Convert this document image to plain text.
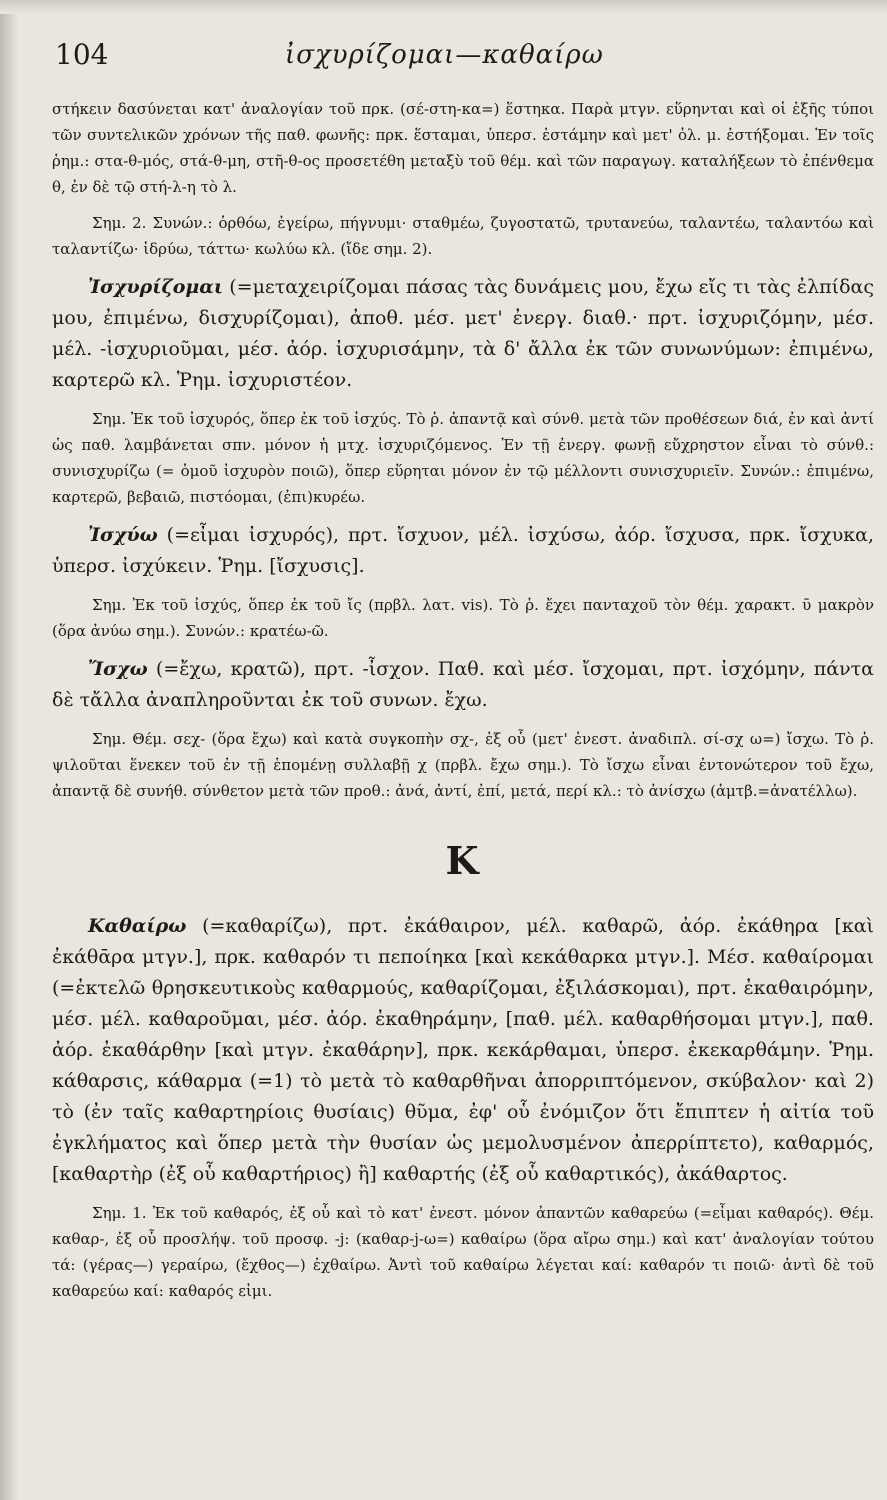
104	ἰσχυρίζομαι—καθαίρω

στήκειν δασύνεται κατ' ἀναλογίαν τοῦ πρκ. (σέ-στη-κα=) ἕστηκα. Παρὰ μτγν. εὕρηνται καὶ οἱ ἑξῆς τύποι τῶν συντελικῶν χρόνων τῆς παθ. φωνῆς: πρκ. ἕσταμαι, ὑπερσ. ἑστάμην καὶ μετ' ὀλ. μ. ἑστήξομαι. Ἐν τοῖς ῥημ.: στα-θ-μός, στά-θ-μη, στῆ-θ-ος προσετέθη μεταξὺ τοῦ θέμ. καὶ τῶν παραγωγ. καταλήξεων τὸ ἐπένθεμα θ, ἐν δὲ τῷ στή-λ-η τὸ λ.

Σημ. 2. Συνών.: ὀρθόω, ἐγείρω, πήγνυμι· σταθμέω, ζυγοστατῶ, τρυτανεύω, ταλαντέω, ταλαντόω καὶ ταλαντίζω· ἱδρύω, τάττω· κωλύω κλ. (ἴδε σημ. 2).

Ἰσχυρίζομαι (=μεταχειρίζομαι πάσας τὰς δυνάμεις μου, ἔχω εἴς τι τὰς ἐλπίδας μου, ἐπιμένω, δισχυρίζομαι), ἀποθ. μέσ. μετ' ἐνεργ. διαθ.· πρτ. ἰσχυριζόμην, μέσ. μέλ. -ἰσχυριοῦμαι, μέσ. ἀόρ. ἰσχυρισάμην, τὰ δ' ἄλλα ἐκ τῶν συνωνύμων: ἐπιμένω, καρτερῶ κλ. Ῥημ. ἰσχυριστέον.

Σημ. Ἐκ τοῦ ἰσχυρός, ὅπερ ἐκ τοῦ ἰσχύς. Τὸ ῥ. ἀπαντᾷ καὶ σύνθ. μετὰ τῶν προθέσεων διά, ἐν καὶ ἀντί ὡς παθ. λαμβάνεται σπν. μόνον ἡ μτχ. ἰσχυριζόμενος. Ἐν τῇ ἐνεργ. φωνῇ εὔχρηστον εἶναι τὸ σύνθ.: συνισχυρίζω (= ὁμοῦ ἰσχυρὸν ποιῶ), ὅπερ εὕρηται μόνον ἐν τῷ μέλλοντι συνισχυριεῖν. Συνών.: ἐπιμένω, καρτερῶ, βεβαιῶ, πιστόομαι, (ἐπι)κυρέω.

Ἰσχύω (=εἶμαι ἰσχυρός), πρτ. ἴσχυον, μέλ. ἰσχύσω, ἀόρ. ἴσχυσα, πρκ. ἴσχυκα, ὑπερσ. ἰσχύκειν. Ῥημ. [ἴσχυσις].

Σημ. Ἐκ τοῦ ἰσχύς, ὅπερ ἐκ τοῦ ἴς (πρβλ. λατ. vis). Τὸ ῥ. ἔχει πανταχοῦ τὸν θέμ. χαρακτ. ῡ μακρὸν (ὅρα ἀνύω σημ.). Συνών.: κρατέω-ῶ.

Ἴσχω (=ἔχω, κρατῶ), πρτ. -ἶσχον. Παθ. καὶ μέσ. ἴσχομαι, πρτ. ἰσχόμην, πάντα δὲ τἄλλα ἀναπληροῦνται ἐκ τοῦ συνων. ἔχω.

Σημ. Θέμ. σεχ- (ὅρα ἔχω) καὶ κατὰ συγκοπὴν σχ-, ἐξ οὗ (μετ' ἐνεστ. ἀναδιπλ. σί-σχ ω=) ἴσχω. Τὸ ῥ. ψιλοῦται ἕνεκεν τοῦ ἐν τῇ ἑπομένῃ συλλαβῇ χ (πρβλ. ἔχω σημ.). Τὸ ἴσχω εἶναι ἐντονώτερον τοῦ ἔχω, ἀπαντᾷ δὲ συνήθ. σύνθετον μετὰ τῶν προθ.: ἀνά, ἀντί, ἐπί, μετά, περί κλ.: τὸ ἀνίσχω (ἀμτβ.=ἀνατέλλω).

K

Καθαίρω (=καθαρίζω), πρτ. ἐκάθαιρον, μέλ. καθαρῶ, ἀόρ. ἐκάθηρα [καὶ ἐκάθᾱρα μτγν.], πρκ. καθαρόν τι πεποίηκα [καὶ κεκάθαρκα μτγν.]. Μέσ. καθαίρομαι (=ἐκτελῶ θρησκευτικοὺς καθαρμούς, καθαρίζομαι, ἐξιλάσκομαι), πρτ. ἐκαθαιρόμην, μέσ. μέλ. καθαροῦμαι, μέσ. ἀόρ. ἐκαθηράμην, [παθ. μέλ. καθαρθήσομαι μτγν.], παθ. ἀόρ. ἐκαθάρθην [καὶ μτγν. ἐκαθάρην], πρκ. κεκάρθαμαι, ὑπερσ. ἐκεκαρθάμην. Ῥημ. κάθαρσις, κάθαρμα (=1) τὸ μετὰ τὸ καθαρθῆναι ἀπορριπτόμενον, σκύβαλον· καὶ 2) τὸ (ἐν ταῖς καθαρτηρίοις θυσίαις) θῦμα, ἐφ' οὗ ἐνόμιζον ὅτι ἔπιπτεν ἡ αἰτία τοῦ ἐγκλήματος καὶ ὅπερ μετὰ τὴν θυσίαν ὡς μεμολυσμένον ἀπερρίπτετο), καθαρμός, [καθαρτὴρ (ἐξ οὗ καθαρτήριος) ἢ] καθαρτής (ἐξ οὗ καθαρτικός), ἀκάθαρτος.

Σημ. 1. Ἐκ τοῦ καθαρός, ἐξ οὗ καὶ τὸ κατ' ἐνεστ. μόνον ἀπαντῶν καθαρεύω (=εἶμαι καθαρός). Θέμ. καθαρ-, ἐξ οὗ προσλήψ. τοῦ προσφ. -j: (καθαρ-j-ω=) καθαίρω (ὅρα αἴρω σημ.) καὶ κατ' ἀναλογίαν τούτου τά: (γέρας—) γεραίρω, (ἔχθος—) ἐχθαίρω. Ἀντὶ τοῦ καθαίρω λέγεται καί: καθαρόν τι ποιῶ· ἀντὶ δὲ τοῦ καθαρεύω καί: καθαρός εἰμι.
